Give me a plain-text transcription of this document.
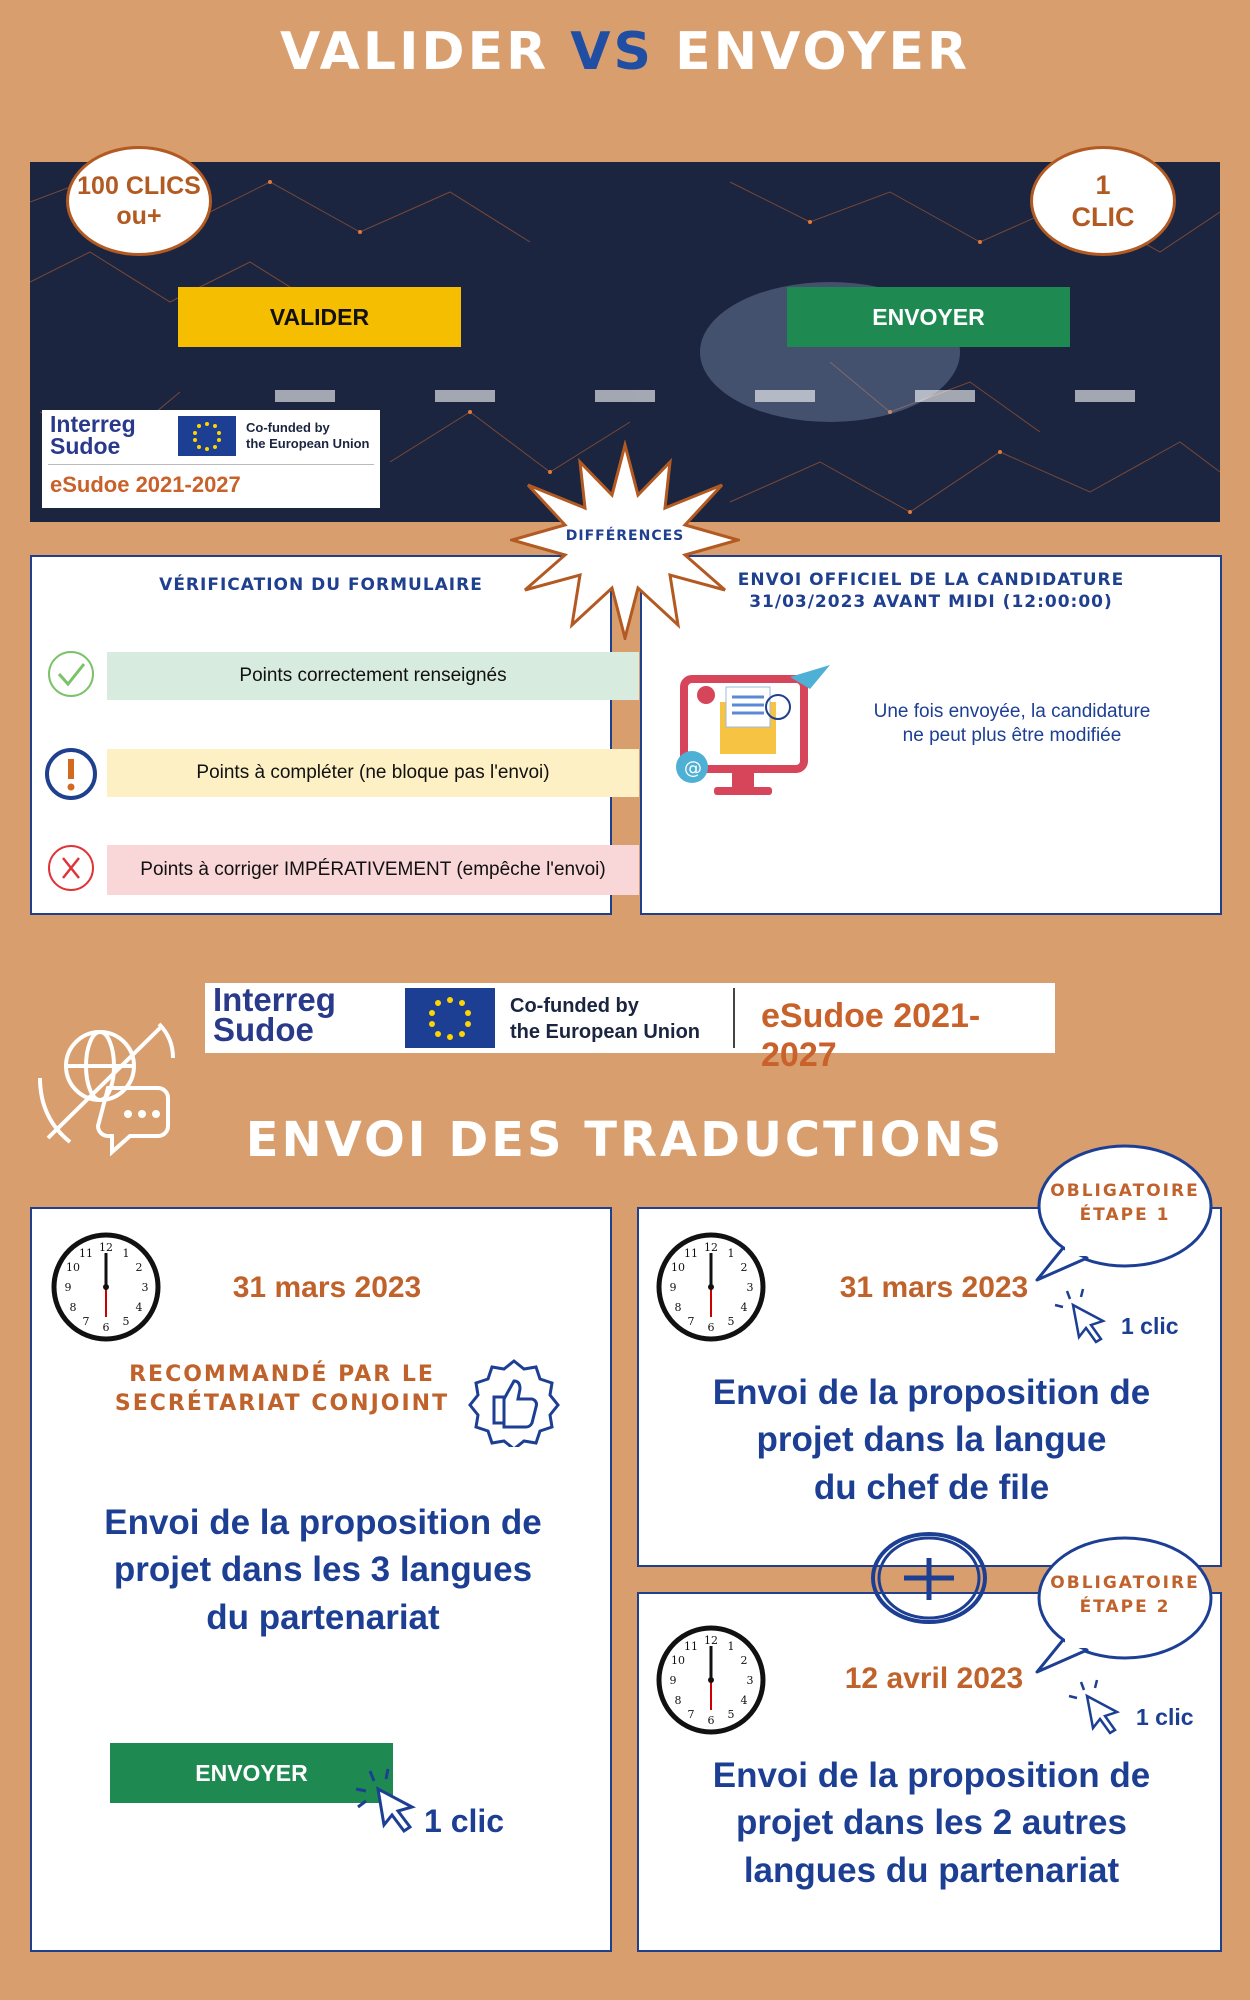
VALIDER VS ENVOYER
VALIDER	ENVOYER
Interreg
Sudoe
Co-funded by
the European Union
eSudoe 2021-2027
100 CLICS
ou+
1
CLIC
VÉRIFICATION DU FORMULAIRE
Points correctement renseignés
Points à compléter (ne bloque pas l'envoi)
Points à corriger IMPÉRATIVEMENT (empêche l'envoi)
ENVOI OFFICIEL DE LA CANDIDATURE
31/03/2023 AVANT MIDI (12:00:00)
@
Une fois envoyée, la candidature ne peut plus être modifiée
DIFFÉRENCES
Interreg
Sudoe
Co-funded by
the European Union eSudoe 2021-2027
ENVOI DES TRADUCTIONS
12
3
6
9
1
2
4
5
7
8
10
11
31 mars 2023
RECOMMANDÉ PAR LE
SECRÉTARIAT CONJOINT
Envoi de la proposition de
projet dans les 3 langues
du partenariat
ENVOYER
1 clic
12
3
6
9
1
2
4
5
7
8
10
11
31 mars 2023
1 clic
Envoi de la proposition de
projet dans la langue
du chef de file
12
3
6
9
1
2
4
5
7
8
10
11
12 avril 2023
1 clic
Envoi de la proposition de
projet dans les 2 autres
langues du partenariat
OBLIGATOIRE
ÉTAPE 1
OBLIGATOIRE
ÉTAPE 2
